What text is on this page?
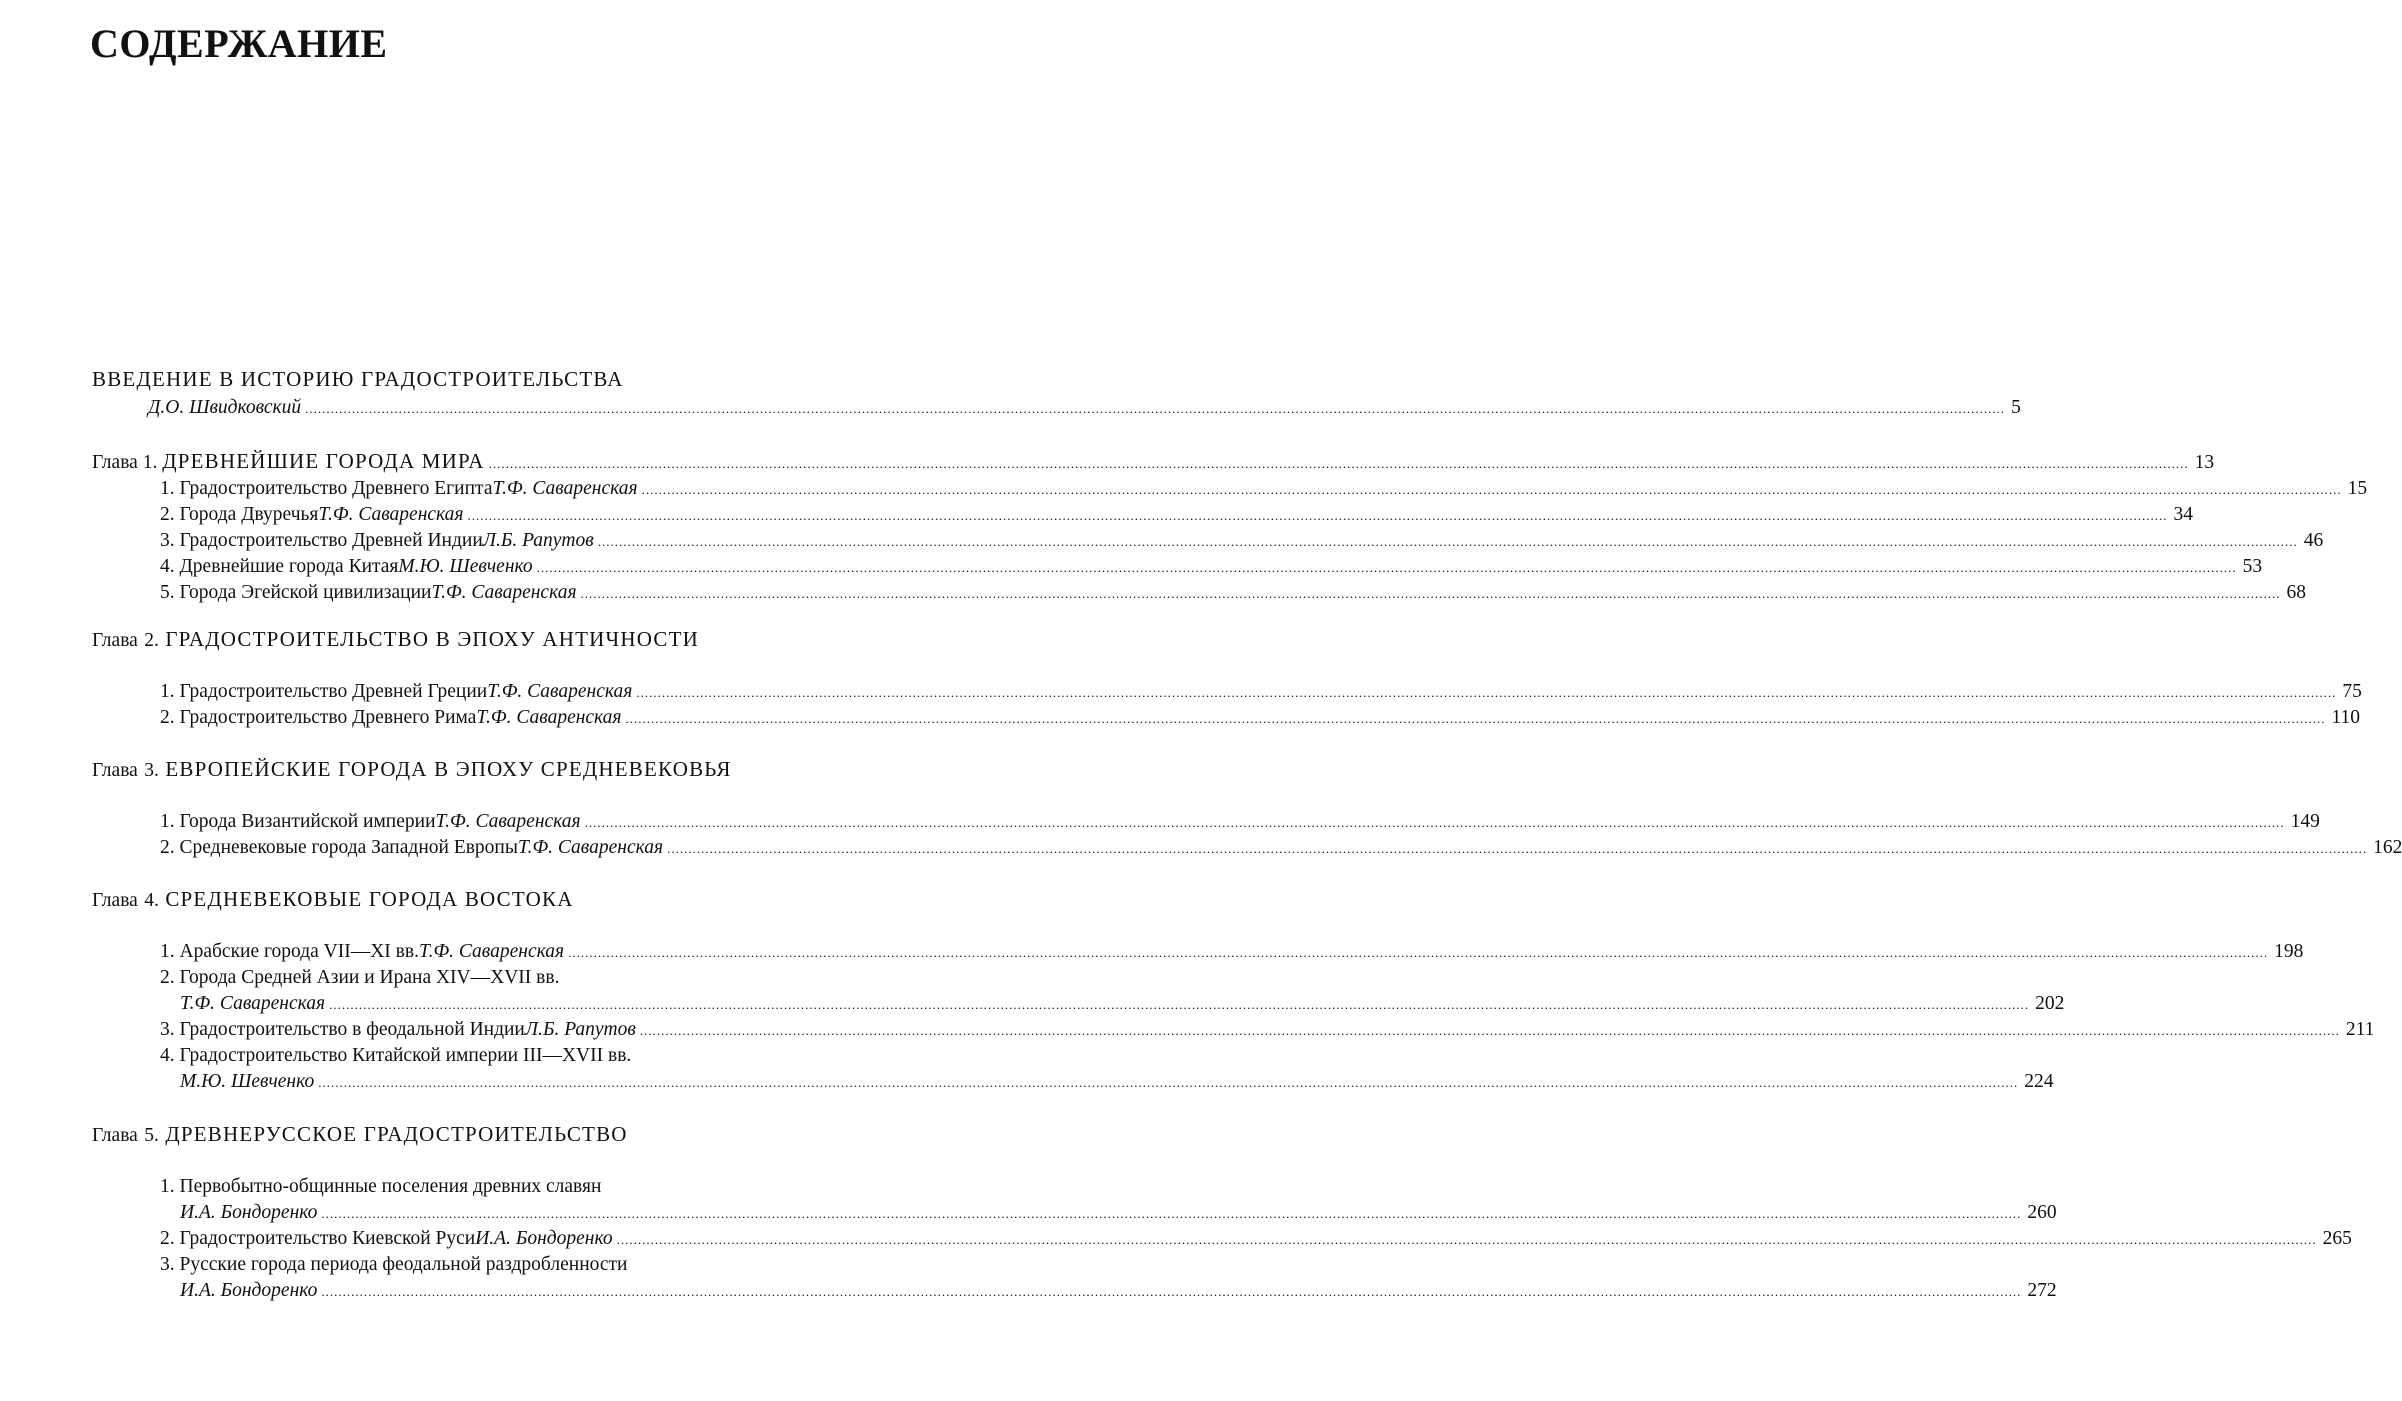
СОДЕРЖАНИЕ
ВВЕДЕНИЕ В ИСТОРИЮ ГРАДОСТРОИТЕЛЬСТВА
Д.О. Швидковский ................................................................................................................................................................................................................................................................................................................................................................................................................ 5
Глава
1.
ДРЕВНЕЙШИЕ ГОРОДА МИРА ................................................................................................................................................................................................................................................................................................................................................................................................................ 13
1. Градостроительство Древнего Египта Т.Ф. Саваренская ................................................................................................................................................................................................................................................................................................................................................................................................................ 15
2. Города Двуречья Т.Ф. Саваренская ................................................................................................................................................................................................................................................................................................................................................................................................................ 34
3. Градостроительство Древней Индии Л.Б. Рапутов ................................................................................................................................................................................................................................................................................................................................................................................................................ 46
4. Древнейшие города Китая М.Ю. Шевченко ................................................................................................................................................................................................................................................................................................................................................................................................................ 53
5. Города Эгейской цивилизации Т.Ф. Саваренская ................................................................................................................................................................................................................................................................................................................................................................................................................ 68
Глава 2. ГРАДОСТРОИТЕЛЬСТВО В ЭПОХУ АНТИЧНОСТИ
1. Градостроительство Древней Греции Т.Ф. Саваренская ................................................................................................................................................................................................................................................................................................................................................................................................................ 75
2. Градостроительство Древнего Рима Т.Ф. Саваренская ................................................................................................................................................................................................................................................................................................................................................................................................................ 110
Глава 3. ЕВРОПЕЙСКИЕ ГОРОДА В ЭПОХУ СРЕДНЕВЕКОВЬЯ
1. Города Византийской империи Т.Ф. Саваренская ................................................................................................................................................................................................................................................................................................................................................................................................................ 149
2. Средневековые города Западной Европы Т.Ф. Саваренская ................................................................................................................................................................................................................................................................................................................................................................................................................ 162
Глава 4. СРЕДНЕВЕКОВЫЕ ГОРОДА ВОСТОКА
1. Арабские города VII—XI вв. Т.Ф. Саваренская ................................................................................................................................................................................................................................................................................................................................................................................................................ 198
2. Города Средней Азии и Ирана XIV—XVII вв.
Т.Ф. Саваренская ................................................................................................................................................................................................................................................................................................................................................................................................................ 202
3. Градостроительство в феодальной Индии Л.Б. Рапутов ................................................................................................................................................................................................................................................................................................................................................................................................................ 211
4. Градостроительство Китайской империи III—XVII вв.
М.Ю. Шевченко ................................................................................................................................................................................................................................................................................................................................................................................................................ 224
Глава 5. ДРЕВНЕРУССКОЕ ГРАДОСТРОИТЕЛЬСТВО
1. Первобытно-общинные поселения древних славян
И.А. Бондоренко ................................................................................................................................................................................................................................................................................................................................................................................................................ 260
2. Градостроительство Киевской Руси И.А. Бондоренко ................................................................................................................................................................................................................................................................................................................................................................................................................ 265
3. Русские города периода феодальной раздробленности
И.А. Бондоренко ................................................................................................................................................................................................................................................................................................................................................................................................................ 272
